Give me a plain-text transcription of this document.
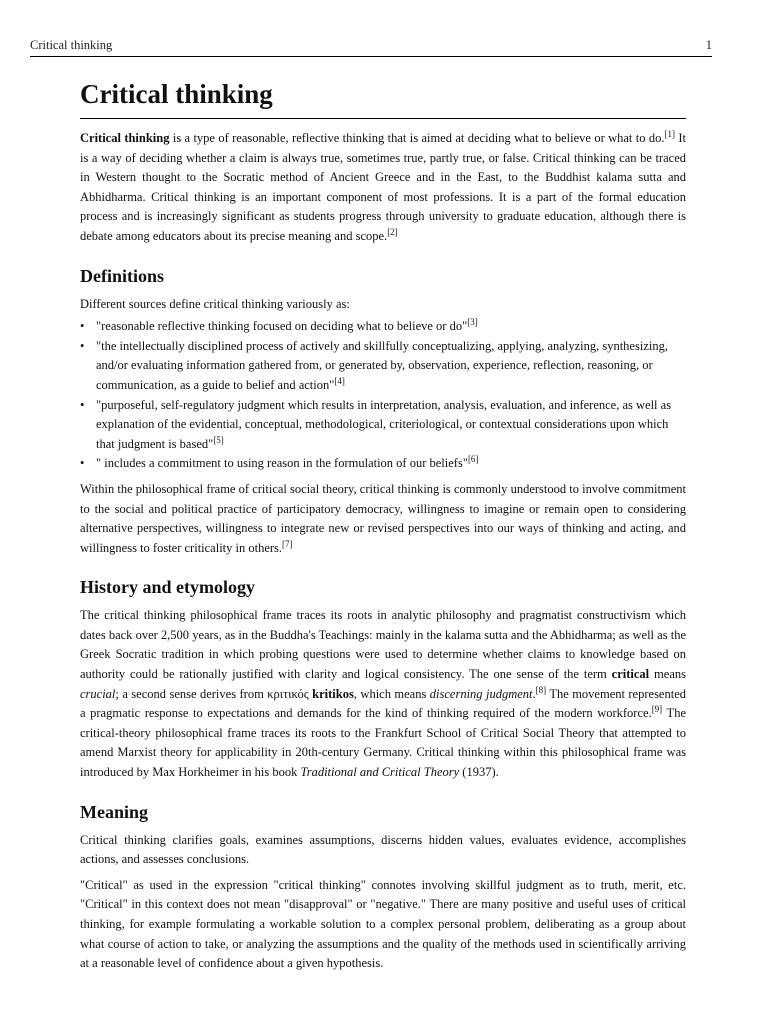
Critical thinking	1
Critical thinking

Critical thinking is a type of reasonable, reflective thinking that is aimed at deciding what to believe or what to do.[1] It is a way of deciding whether a claim is always true, sometimes true, partly true, or false. Critical thinking can be traced in Western thought to the Socratic method of Ancient Greece and in the East, to the Buddhist kalama sutta and Abhidharma. Critical thinking is an important component of most professions. It is a part of the formal education process and is increasingly significant as students progress through university to graduate education, although there is debate among educators about its precise meaning and scope.[2]

Definitions

Different sources define critical thinking variously as:

• "reasonable reflective thinking focused on deciding what to believe or do"[3]
• "the intellectually disciplined process of actively and skillfully conceptualizing, applying, analyzing, synthesizing, and/or evaluating information gathered from, or generated by, observation, experience, reflection, reasoning, or communication, as a guide to belief and action"[4]
• "purposeful, self-regulatory judgment which results in interpretation, analysis, evaluation, and inference, as well as explanation of the evidential, conceptual, methodological, criteriological, or contextual considerations upon which that judgment is based"[5]
• " includes a commitment to using reason in the formulation of our beliefs"[6]

Within the philosophical frame of critical social theory, critical thinking is commonly understood to involve commitment to the social and political practice of participatory democracy, willingness to imagine or remain open to considering alternative perspectives, willingness to integrate new or revised perspectives into our ways of thinking and acting, and willingness to foster criticality in others.[7]

History and etymology

The critical thinking philosophical frame traces its roots in analytic philosophy and pragmatist constructivism which dates back over 2,500 years, as in the Buddha's Teachings: mainly in the kalama sutta and the Abhidharma; as well as the Greek Socratic tradition in which probing questions were used to determine whether claims to knowledge based on authority could be rationally justified with clarity and logical consistency. The one sense of the term critical means crucial; a second sense derives from κριτικός kritikos, which means discerning judgment.[8] The movement represented a pragmatic response to expectations and demands for the kind of thinking required of the modern workforce.[9] The critical-theory philosophical frame traces its roots to the Frankfurt School of Critical Social Theory that attempted to amend Marxist theory for applicability in 20th-century Germany. Critical thinking within this philosophical frame was introduced by Max Horkheimer in his book Traditional and Critical Theory (1937).

Meaning

Critical thinking clarifies goals, examines assumptions, discerns hidden values, evaluates evidence, accomplishes actions, and assesses conclusions.

"Critical" as used in the expression "critical thinking" connotes involving skillful judgment as to truth, merit, etc. "Critical" in this context does not mean "disapproval" or "negative." There are many positive and useful uses of critical thinking, for example formulating a workable solution to a complex personal problem, deliberating as a group about what course of action to take, or analyzing the assumptions and the quality of the methods used in scientifically arriving at a reasonable level of confidence about a given hypothesis.
